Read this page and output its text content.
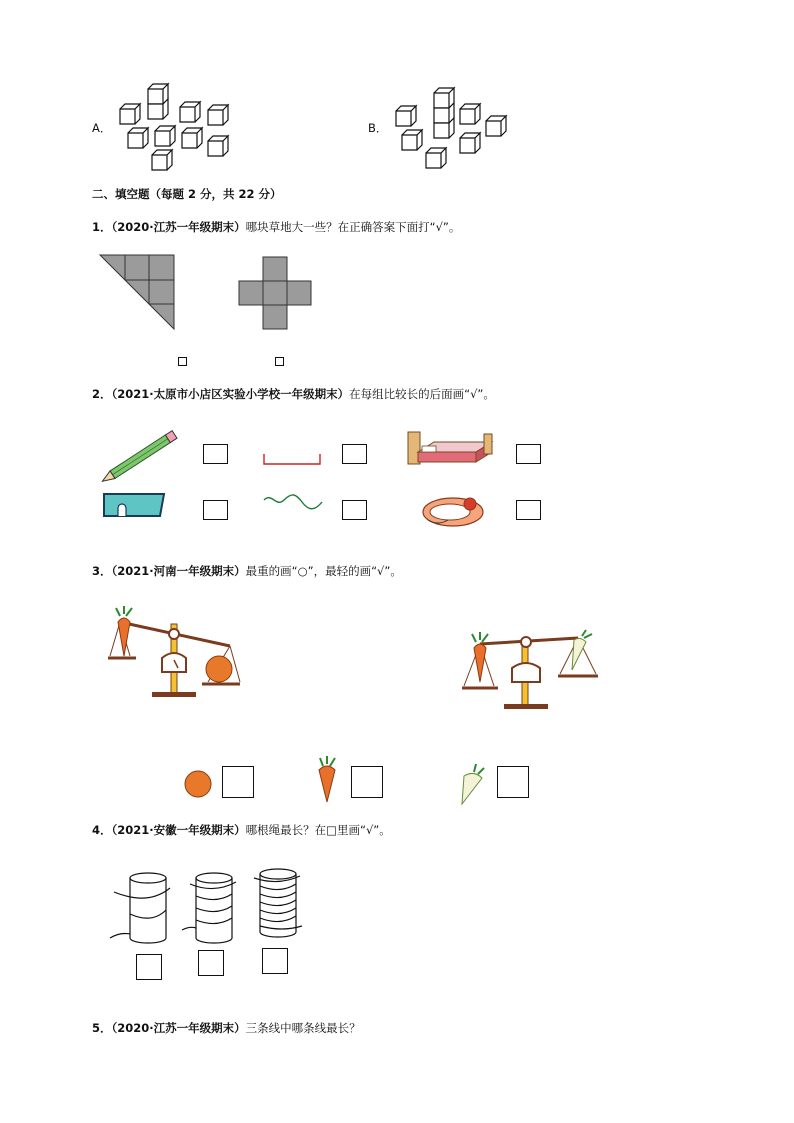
A．	B．
二、填空题（每题 2 分，共 22 分）
1．（2020·江苏一年级期末）哪块草地大一些？在正确答案下面打“√”。
2．（2021·太原市小店区实验小学校一年级期末）在每组比较长的后面画“√”。
3．（2021·河南一年级期末）最重的画“○”，最轻的画“√”。
4．（2021·安徽一年级期末）哪根绳最长？在□里画“√”。
5．（2020·江苏一年级期末）三条线中哪条线最长？
